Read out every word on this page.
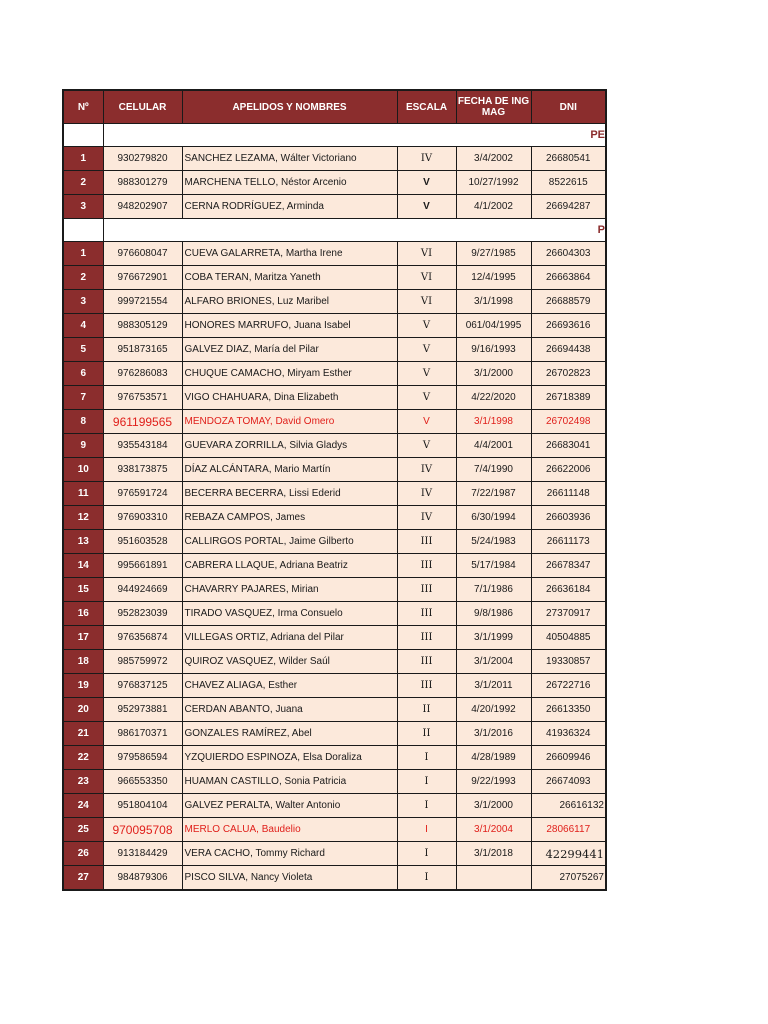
Nº	CELULAR	APELIDOS Y NOMBRES	ESCALA	FECHA DE ING MAG	DNI
	PE				
1	930279820	SANCHEZ LEZAMA, Wálter Victoriano	IV	3/4/2002	26680541
2	988301279	MARCHENA TELLO, Néstor Arcenio	V	10/27/1992	8522615
3	948202907	CERNA RODRÍGUEZ, Arminda	V	4/1/2002	26694287
	P				
1	976608047	CUEVA GALARRETA, Martha Irene	VI	9/27/1985	26604303
2	976672901	COBA TERAN, Maritza Yaneth	VI	12/4/1995	26663864
3	999721554	ALFARO BRIONES, Luz Maribel	VI	3/1/1998	26688579
4	988305129	HONORES MARRUFO, Juana Isabel	V	061/04/1995	26693616
5	951873165	GALVEZ DIAZ, María del Pilar	V	9/16/1993	26694438
6	976286083	CHUQUE CAMACHO, Miryam Esther	V	3/1/2000	26702823
7	976753571	VIGO CHAHUARA, Dina Elizabeth	V	4/22/2020	26718389
8	961199565	MENDOZA TOMAY, David Omero	V	3/1/1998	26702498
9	935543184	GUEVARA ZORRILLA, Silvia Gladys	V	4/4/2001	26683041
10	938173875	DÍAZ ALCÁNTARA, Mario Martín	IV	7/4/1990	26622006
11	976591724	BECERRA BECERRA, Lissi Ederid	IV	7/22/1987	26611148
12	976903310	REBAZA CAMPOS, James	IV	6/30/1994	26603936
13	951603528	CALLIRGOS PORTAL, Jaime Gilberto	III	5/24/1983	26611173
14	995661891	CABRERA LLAQUE, Adriana Beatriz	III	5/17/1984	26678347
15	944924669	CHAVARRY PAJARES, Mirian	III	7/1/1986	26636184
16	952823039	TIRADO VASQUEZ, Irma Consuelo	III	9/8/1986	27370917
17	976356874	VILLEGAS ORTIZ, Adriana del Pilar	III	3/1/1999	40504885
18	985759972	QUIROZ VASQUEZ, Wilder Saúl	III	3/1/2004	19330857
19	976837125	CHAVEZ ALIAGA, Esther	III	3/1/2011	26722716
20	952973881	CERDAN ABANTO, Juana	II	4/20/1992	26613350
21	986170371	GONZALES RAMÍREZ, Abel	II	3/1/2016	41936324
22	979586594	YZQUIERDO ESPINOZA, Elsa Doraliza	I	4/28/1989	26609946
23	966553350	HUAMAN CASTILLO, Sonia Patricia	I	9/22/1993	26674093
24	951804104	GALVEZ PERALTA, Walter Antonio	I	3/1/2000	26616132
25	970095708	MERLO CALUA, Baudelio	I	3/1/2004	28066117
26	913184429	VERA CACHO, Tommy Richard	I	3/1/2018	42299441
27	984879306	PISCO SILVA, Nancy Violeta	I		27075267
